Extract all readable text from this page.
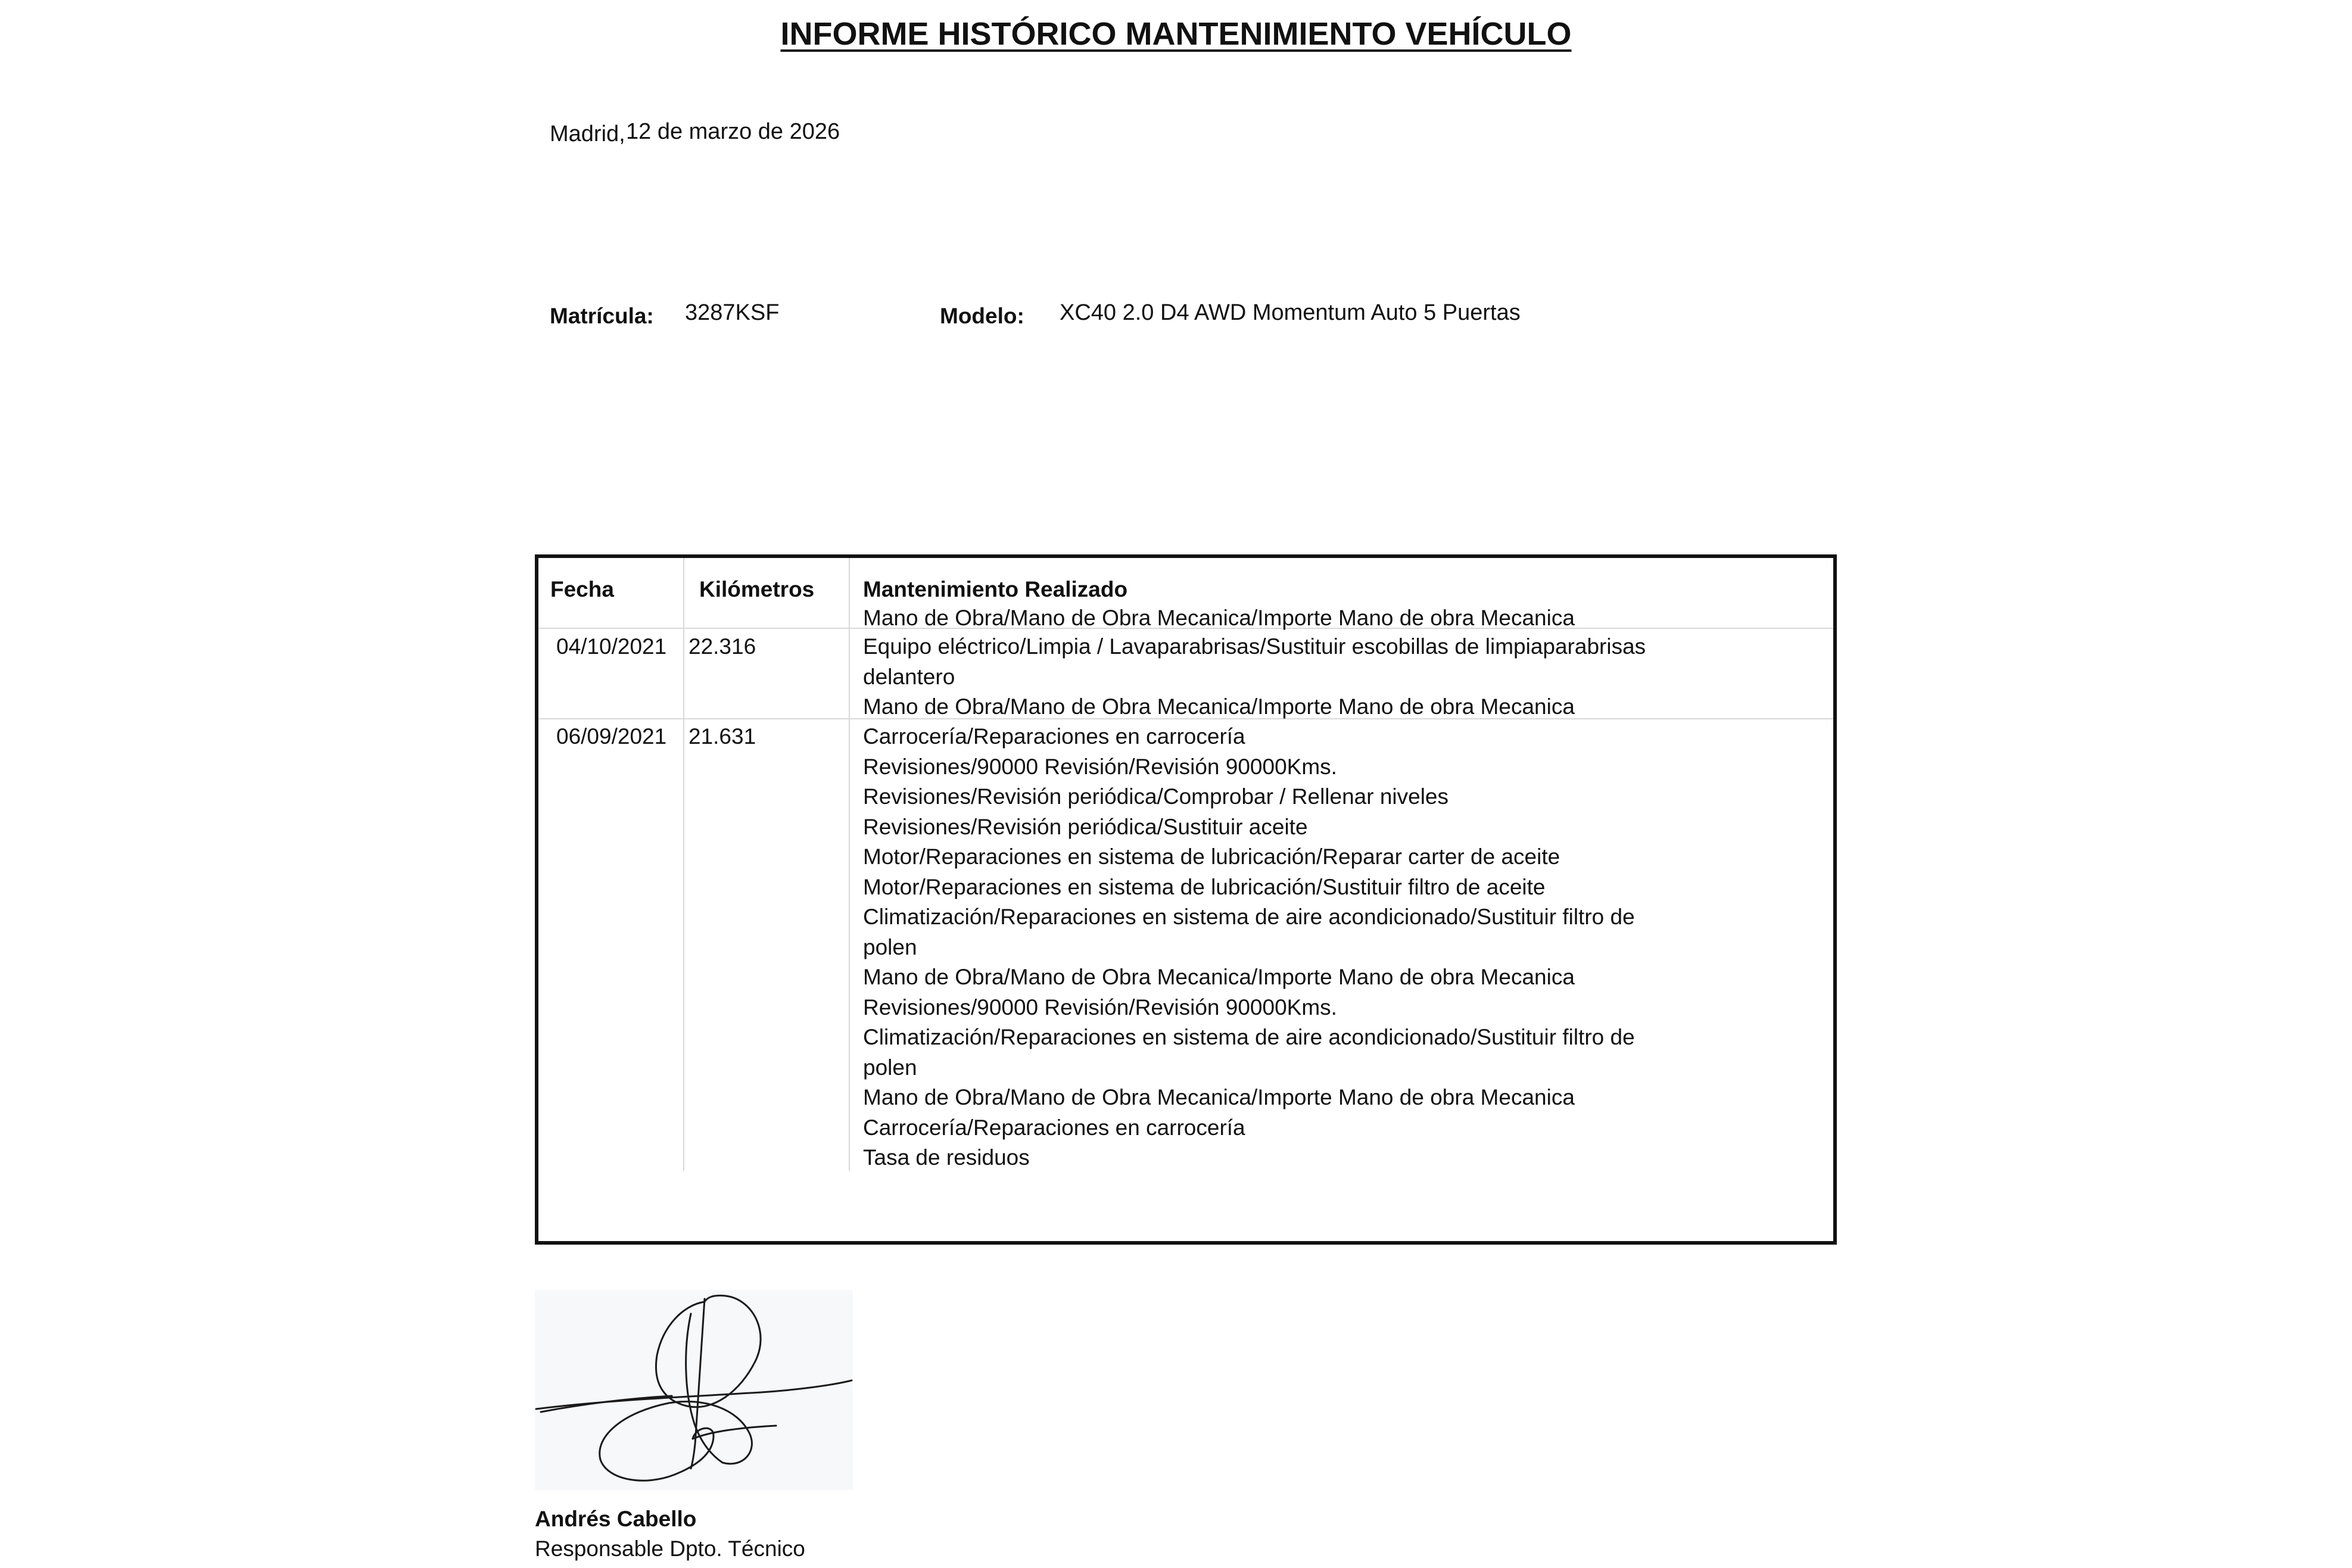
INFORME HISTÓRICO MANTENIMIENTO VEHÍCULO
Madrid, 12 de marzo de 2026
Matrícula: 3287KSF	Modelo: XC40 2.0 D4 AWD Momentum Auto 5 Puertas
Fecha	Kilómetros Mantenimiento Realizado
Mano de Obra/Mano de Obra Mecanica/Importe Mano de obra Mecanica
04/10/2021 22.316	Equipo eléctrico/Limpia / Lavaparabrisas/Sustituir escobillas de limpiaparabrisas
delantero
Mano de Obra/Mano de Obra Mecanica/Importe Mano de obra Mecanica
06/09/2021 21.631	Carrocería/Reparaciones en carrocería
Revisiones/90000 Revisión/Revisión 90000Kms.
Revisiones/Revisión periódica/Comprobar / Rellenar niveles
Revisiones/Revisión periódica/Sustituir aceite
Motor/Reparaciones en sistema de lubricación/Reparar carter de aceite
Motor/Reparaciones en sistema de lubricación/Sustituir filtro de aceite
Climatización/Reparaciones en sistema de aire acondicionado/Sustituir filtro de
polen
Mano de Obra/Mano de Obra Mecanica/Importe Mano de obra Mecanica
Revisiones/90000 Revisión/Revisión 90000Kms.
Climatización/Reparaciones en sistema de aire acondicionado/Sustituir filtro de
polen
Mano de Obra/Mano de Obra Mecanica/Importe Mano de obra Mecanica
Carrocería/Reparaciones en carrocería
Tasa de residuos
Andrés Cabello
Responsable Dpto. Técnico
